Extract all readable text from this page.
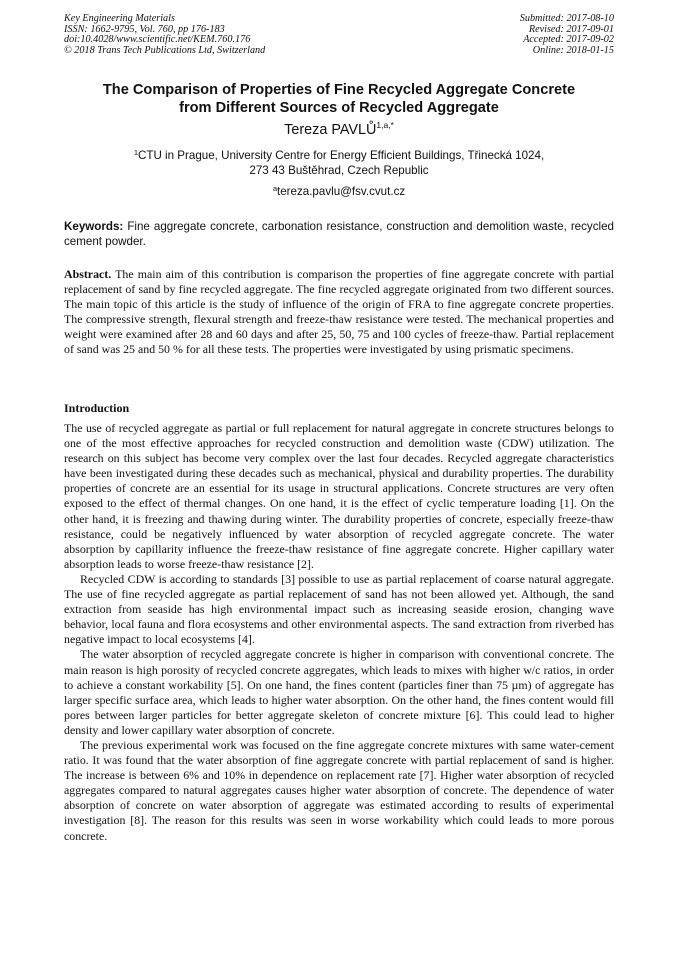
Key Engineering Materials
ISSN: 1662-9795, Vol. 760, pp 176-183
doi:10.4028/www.scientific.net/KEM.760.176
© 2018 Trans Tech Publications Ltd, Switzerland
Submitted: 2017-08-10
Revised: 2017-09-01
Accepted: 2017-09-02
Online: 2018-01-15
The Comparison of Properties of Fine Recycled Aggregate Concrete
from Different Sources of Recycled Aggregate
Tereza $PAVLŮ^{1,a,*}$
$^1$CTU in Prague, University Centre for Energy Efficient Buildings, Třinecká 1024,
273 43 Buštěhrad, Czech Republic
$^a$tereza.pavlu@fsv.cvut.cz
Keywords: Fine aggregate concrete, carbonation resistance, construction and demolition waste, recycled cement powder.
Abstract. The main aim of this contribution is comparison the properties of fine aggregate concrete with partial replacement of sand by fine recycled aggregate. The fine recycled aggregate originated from two different sources. The main topic of this article is the study of influence of the origin of FRA to fine aggregate concrete properties. The compressive strength, flexural strength and freeze-thaw resistance were tested. The mechanical properties and weight were examined after 28 and 60 days and after 25, 50, 75 and 100 cycles of freeze-thaw. Partial replacement of sand was 25 and 50 % for all these tests. The properties were investigated by using prismatic specimens.
Introduction

The use of recycled aggregate as partial or full replacement for natural aggregate in concrete structures belongs to one of the most effective approaches for recycled construction and demolition waste (CDW) utilization. The research on this subject has become very complex over the last four decades. Recycled aggregate characteristics have been investigated during these decades such as mechanical, physical and durability properties. The durability properties of concrete are an essential for its usage in structural applications. Concrete structures are very often exposed to the effect of thermal changes. On one hand, it is the effect of cyclic temperature loading [1]. On the other hand, it is freezing and thawing during winter. The durability properties of concrete, especially freeze-thaw resistance, could be negatively influenced by water absorption of recycled aggregate concrete. The water absorption by capillarity influence the freeze-thaw resistance of fine aggregate concrete. Higher capillary water absorption leads to worse freeze-thaw resistance [2].

Recycled CDW is according to standards [3] possible to use as partial replacement of coarse natural aggregate. The use of fine recycled aggregate as partial replacement of sand has not been allowed yet. Although, the sand extraction from seaside has high environmental impact such as increasing seaside erosion, changing wave behavior, local fauna and flora ecosystems and other environmental aspects. The sand extraction from riverbed has negative impact to local ecosystems [4].

The water absorption of recycled aggregate concrete is higher in comparison with conventional concrete. The main reason is high porosity of recycled concrete aggregates, which leads to mixes with higher w/c ratios, in order to achieve a constant workability [5]. On one hand, the fines content (particles finer than 75 µm) of aggregate has larger specific surface area, which leads to higher water absorption. On the other hand, the fines content would fill pores between larger particles for better aggregate skeleton of concrete mixture [6]. This could lead to higher density and lower capillary water absorption of concrete.

The previous experimental work was focused on the fine aggregate concrete mixtures with same water-cement ratio. It was found that the water absorption of fine aggregate concrete with partial replacement of sand is higher. The increase is between 6% and 10% in dependence on replacement rate [7]. Higher water absorption of recycled aggregates compared to natural aggregates causes higher water absorption of concrete. The dependence of water absorption of concrete on water absorption of aggregate was estimated according to results of experimental investigation [8]. The reason for this results was seen in worse workability which could leads to more porous concrete.
